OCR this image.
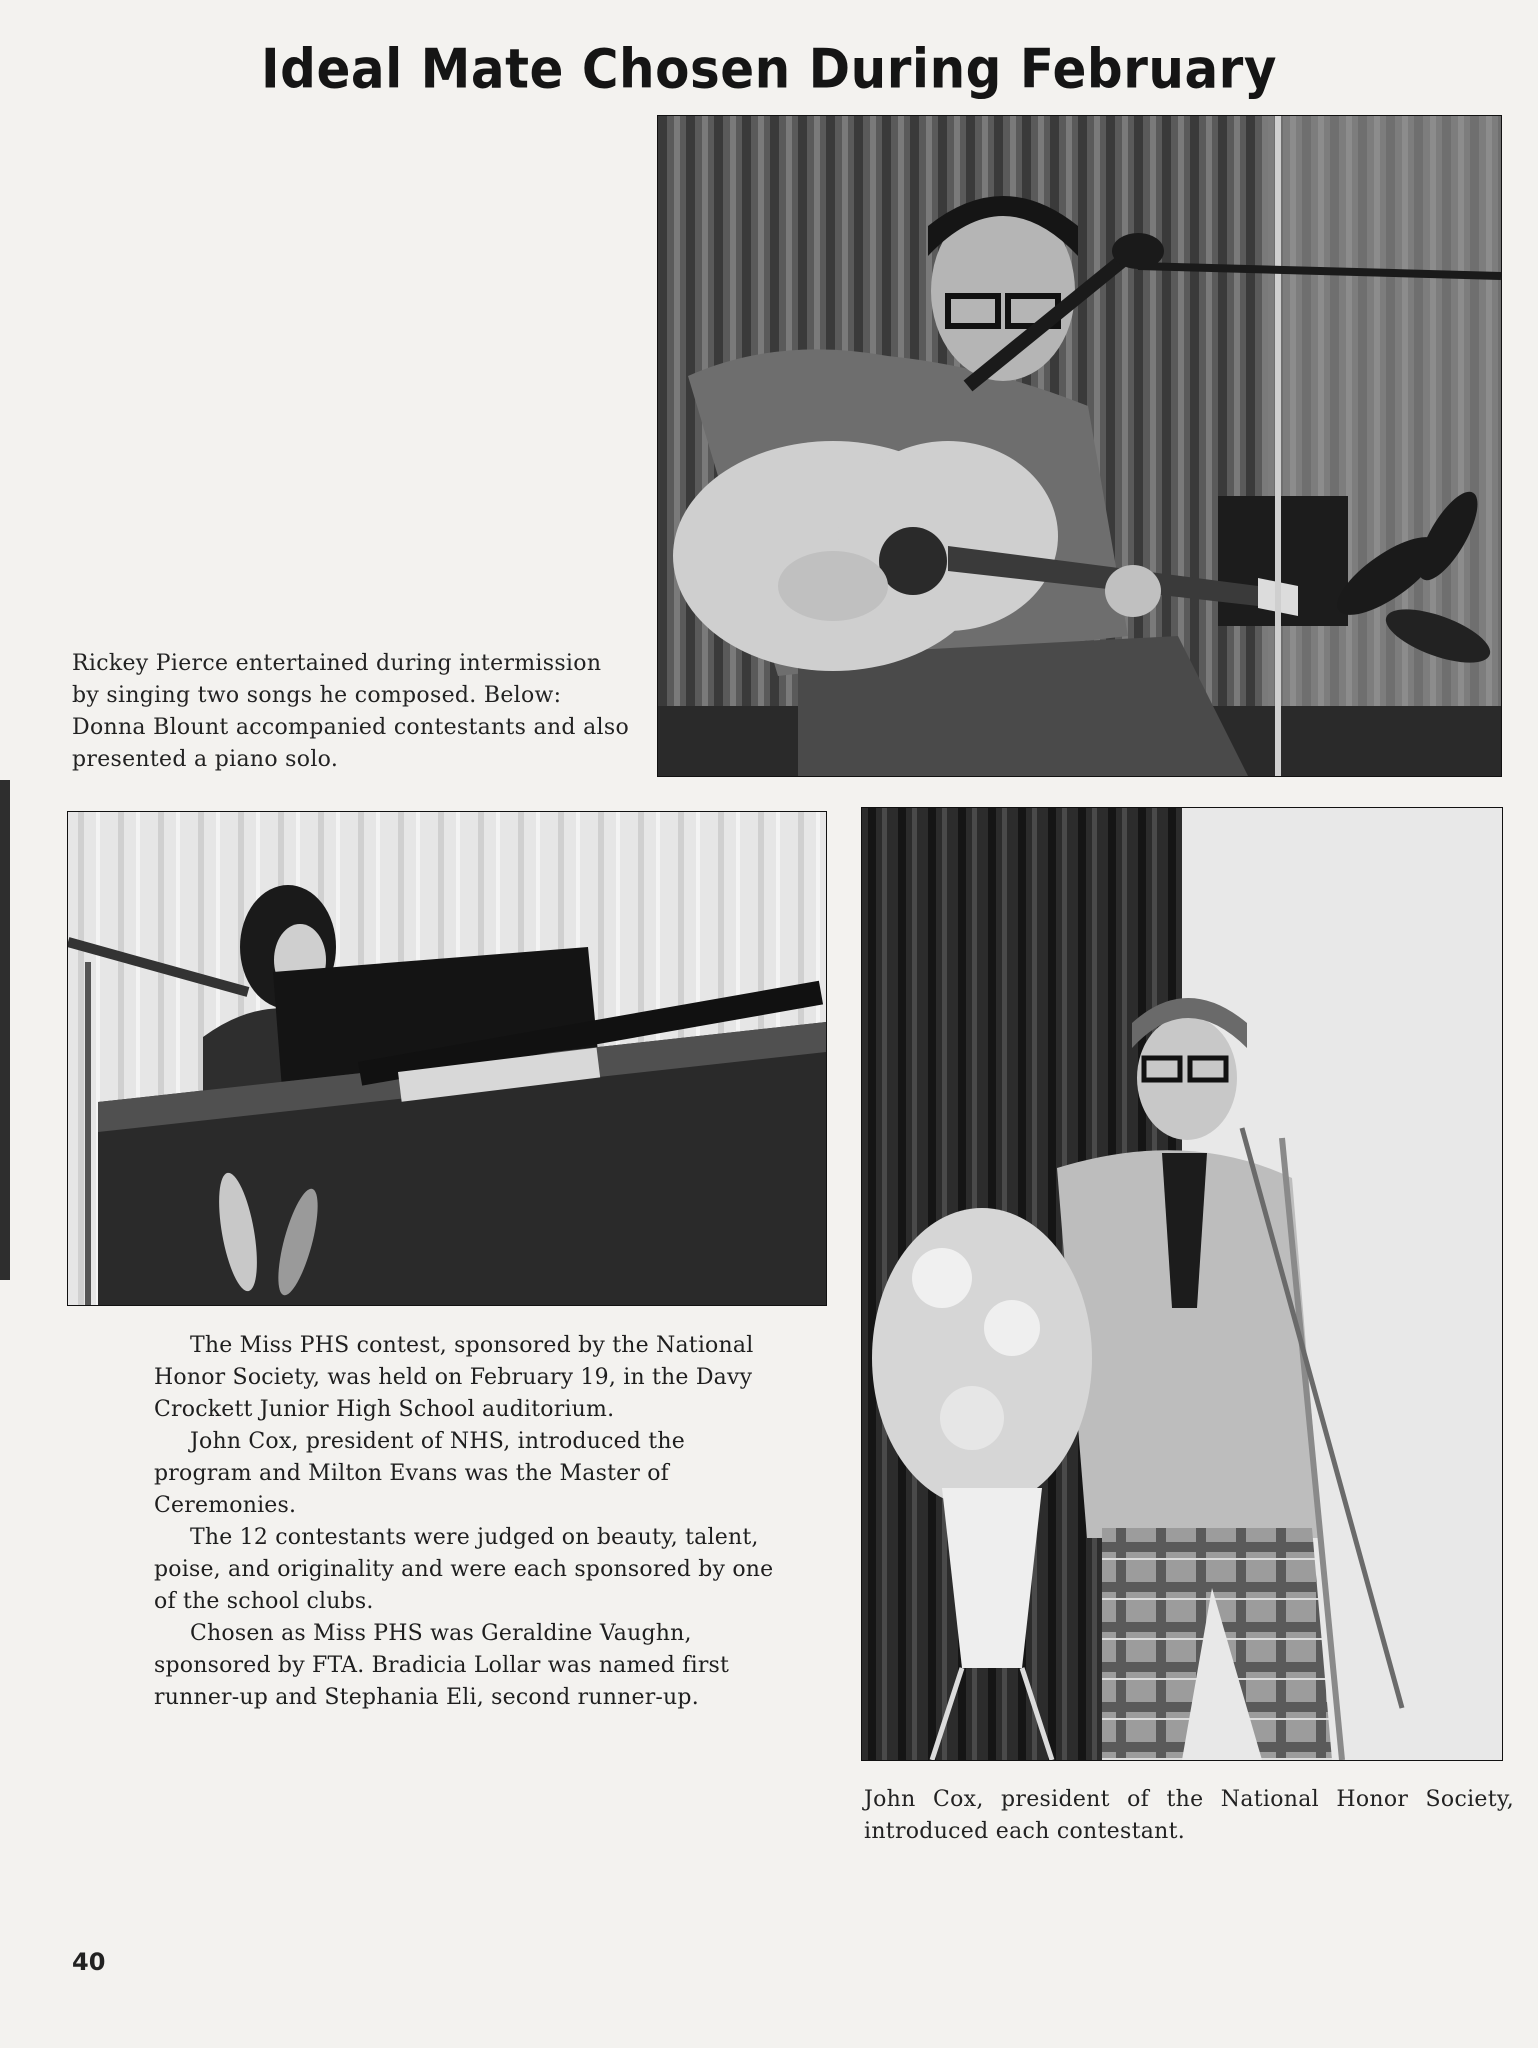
Ideal Mate Chosen During February

Rickey Pierce entertained during intermission by singing two songs he composed. Below: Donna Blount accompanied contestants and also presented a piano solo.

The Miss PHS contest, sponsored by the National Honor Society, was held on February 19, in the Davy Crockett Junior High School auditorium.

John Cox, president of NHS, introduced the program and Milton Evans was the Master of Ceremonies.

The 12 contestants were judged on beauty, talent, poise, and originality and were each sponsored by one of the school clubs.

Chosen as Miss PHS was Geraldine Vaughn, sponsored by FTA. Bradicia Lollar was named first runner-up and Stephania Eli, second runner-up.

John Cox, president of the National Honor Society, introduced each contestant.

40
